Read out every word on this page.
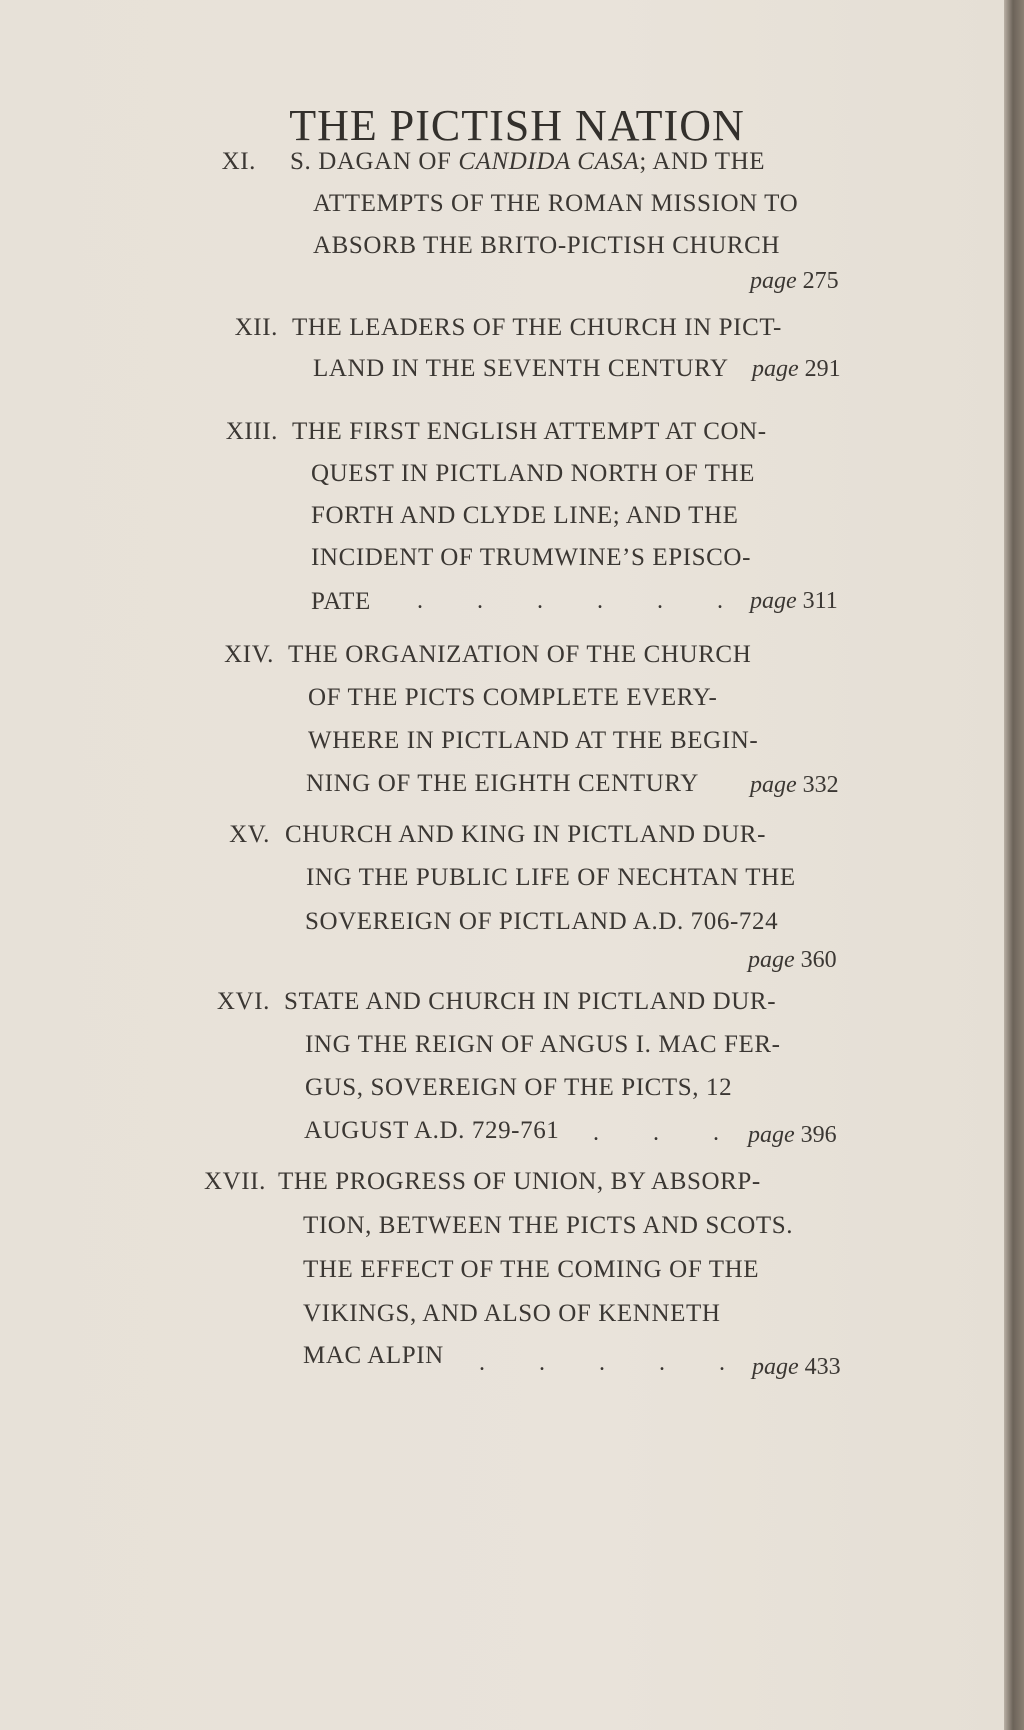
THE PICTISH NATION
XI. S. DAGAN OF CANDIDA CASA; AND THE
ATTEMPTS OF THE ROMAN MISSION TO
ABSORB THE BRITO-PICTISH CHURCH
page 275
XII. THE LEADERS OF THE CHURCH IN PICT-
LAND IN THE SEVENTH CENTURY page 291
XIII. THE FIRST ENGLISH ATTEMPT AT CON-
QUEST IN PICTLAND NORTH OF THE
FORTH AND CLYDE LINE; AND THE
INCIDENT OF TRUMWINE’S EPISCO-
PATE	. . . . . .	page 311
XIV. THE ORGANIZATION OF THE CHURCH
OF THE PICTS COMPLETE EVERY-
WHERE IN PICTLAND AT THE BEGIN-
NING OF THE EIGHTH CENTURY page 332
XV. CHURCH AND KING IN PICTLAND DUR-
ING THE PUBLIC LIFE OF NECHTAN THE
SOVEREIGN OF PICTLAND A.D. 706-724
page 360
XVI. STATE AND CHURCH IN PICTLAND DUR-
ING THE REIGN OF ANGUS I. MAC FER-
GUS, SOVEREIGN OF THE PICTS, 12
AUGUST A.D. 729-761	. . .	page 396
XVII. THE PROGRESS OF UNION, BY ABSORP-
TION, BETWEEN THE PICTS AND SCOTS.
THE EFFECT OF THE COMING OF THE
VIKINGS, AND ALSO OF KENNETH
MAC ALPIN	. . . . .	page 433
